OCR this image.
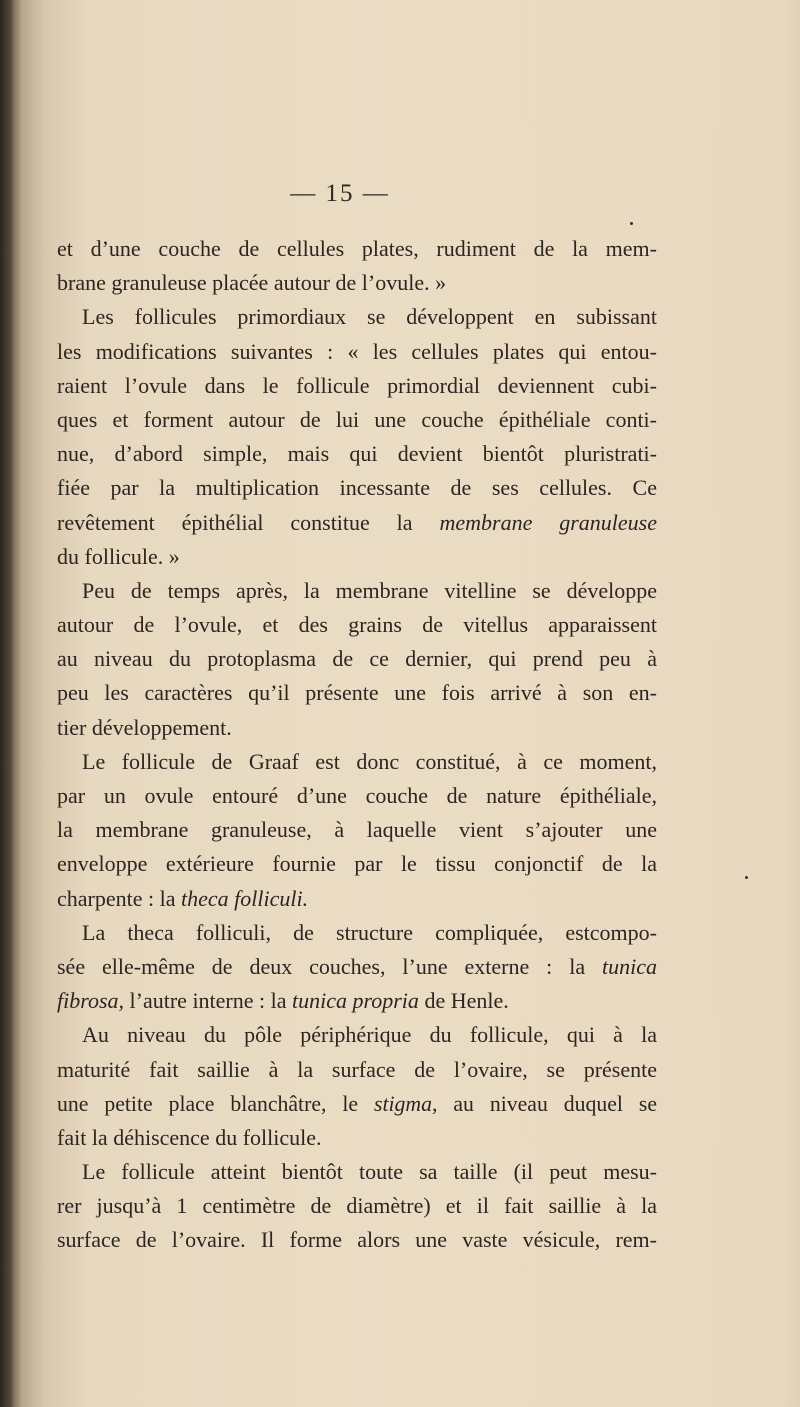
— 15 —
et d’une couche de cellules plates, rudiment de la mem-
brane granuleuse placée autour de l’ovule. »
Les follicules primordiaux se développent en subissant
les modifications suivantes : « les cellules plates qui entou-
raient l’ovule dans le follicule primordial deviennent cubi-
ques et forment autour de lui une couche épithéliale conti-
nue, d’abord simple, mais qui devient bientôt pluristrati-
fiée par la multiplication incessante de ses cellules. Ce
revêtement épithélial constitue la membrane granuleuse
du follicule. »
Peu de temps après, la membrane vitelline se développe
autour de l’ovule, et des grains de vitellus apparaissent
au niveau du protoplasma de ce dernier, qui prend peu à
peu les caractères qu’il présente une fois arrivé à son en-
tier développement.
Le follicule de Graaf est donc constitué, à ce moment,
par un ovule entouré d’une couche de nature épithéliale,
la membrane granuleuse, à laquelle vient s’ajouter une
enveloppe extérieure fournie par le tissu conjonctif de la
charpente : la theca folliculi.
La theca folliculi, de structure compliquée, estcompo-
sée elle-même de deux couches, l’une externe : la tunica
fibrosa, l’autre interne : la tunica propria de Henle.
Au niveau du pôle périphérique du follicule, qui à la
maturité fait saillie à la surface de l’ovaire, se présente
une petite place blanchâtre, le stigma, au niveau duquel se
fait la déhiscence du follicule.
Le follicule atteint bientôt toute sa taille (il peut mesu-
rer jusqu’à 1 centimètre de diamètre) et il fait saillie à la
surface de l’ovaire. Il forme alors une vaste vésicule, rem-
